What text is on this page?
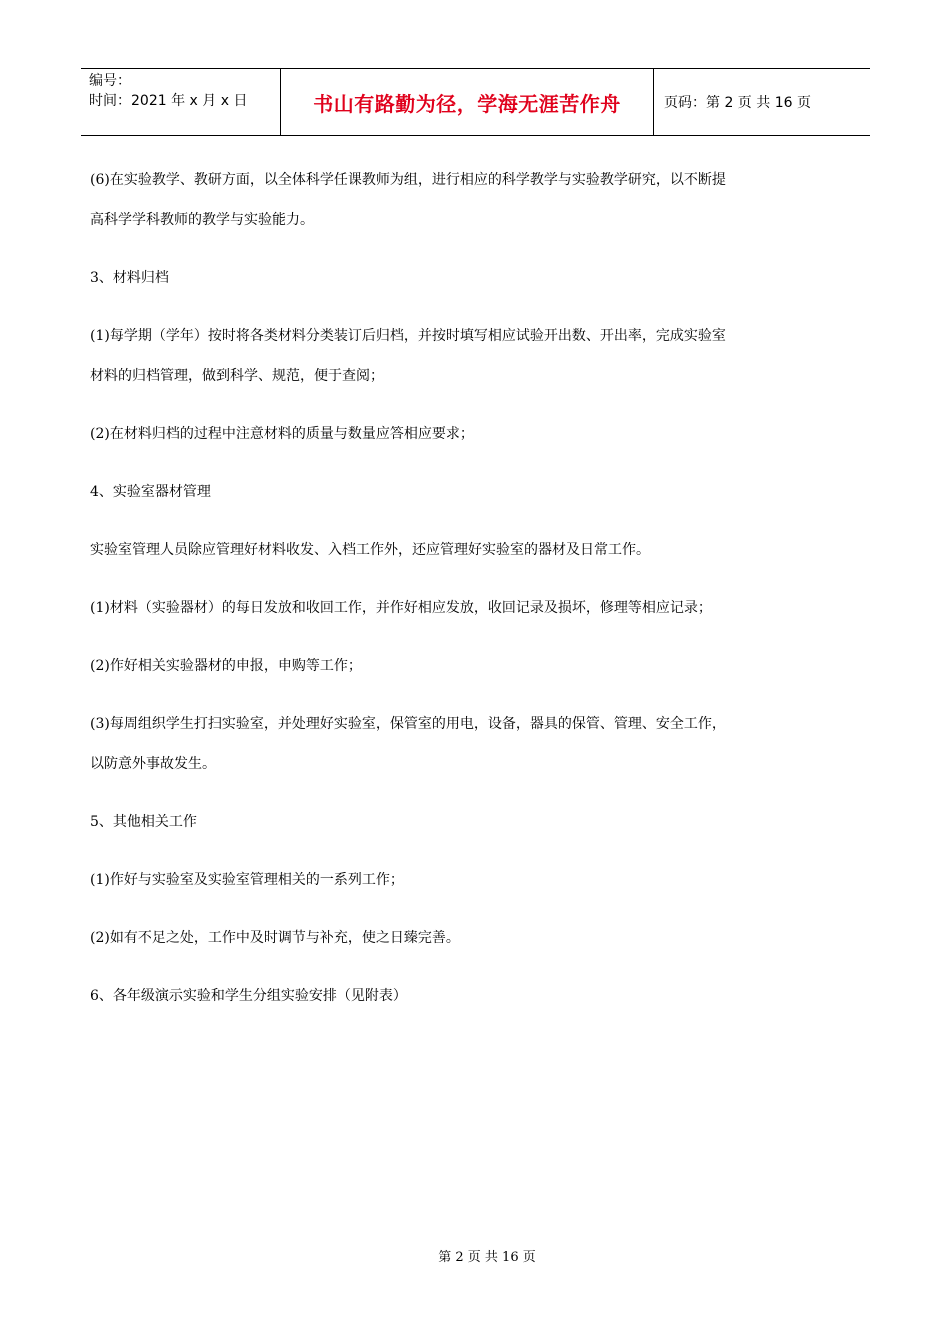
编号：
时间：2021 年 x 月 x 日	书山有路勤为径，学海无涯苦作舟	页码：第 2 页 共 16 页

(6)在实验教学、教研方面，以全体科学任课教师为组，进行相应的科学教学与实验教学研究，以不断提

高科学学科教师的教学与实验能力。

3、材料归档

(1)每学期（学年）按时将各类材料分类装订后归档，并按时填写相应试验开出数、开出率，完成实验室

材料的归档管理，做到科学、规范，便于查阅；

(2)在材料归档的过程中注意材料的质量与数量应答相应要求；

4、实验室器材管理

实验室管理人员除应管理好材料收发、入档工作外，还应管理好实验室的器材及日常工作。

(1)材料（实验器材）的每日发放和收回工作，并作好相应发放，收回记录及损坏，修理等相应记录；

(2)作好相关实验器材的申报，申购等工作；

(3)每周组织学生打扫实验室，并处理好实验室，保管室的用电，设备，器具的保管、管理、安全工作，

以防意外事故发生。

5、其他相关工作

(1)作好与实验室及实验室管理相关的一系列工作；

(2)如有不足之处，工作中及时调节与补充，使之日臻完善。

6、各年级演示实验和学生分组实验安排（见附表）

第 2 页 共 16 页
